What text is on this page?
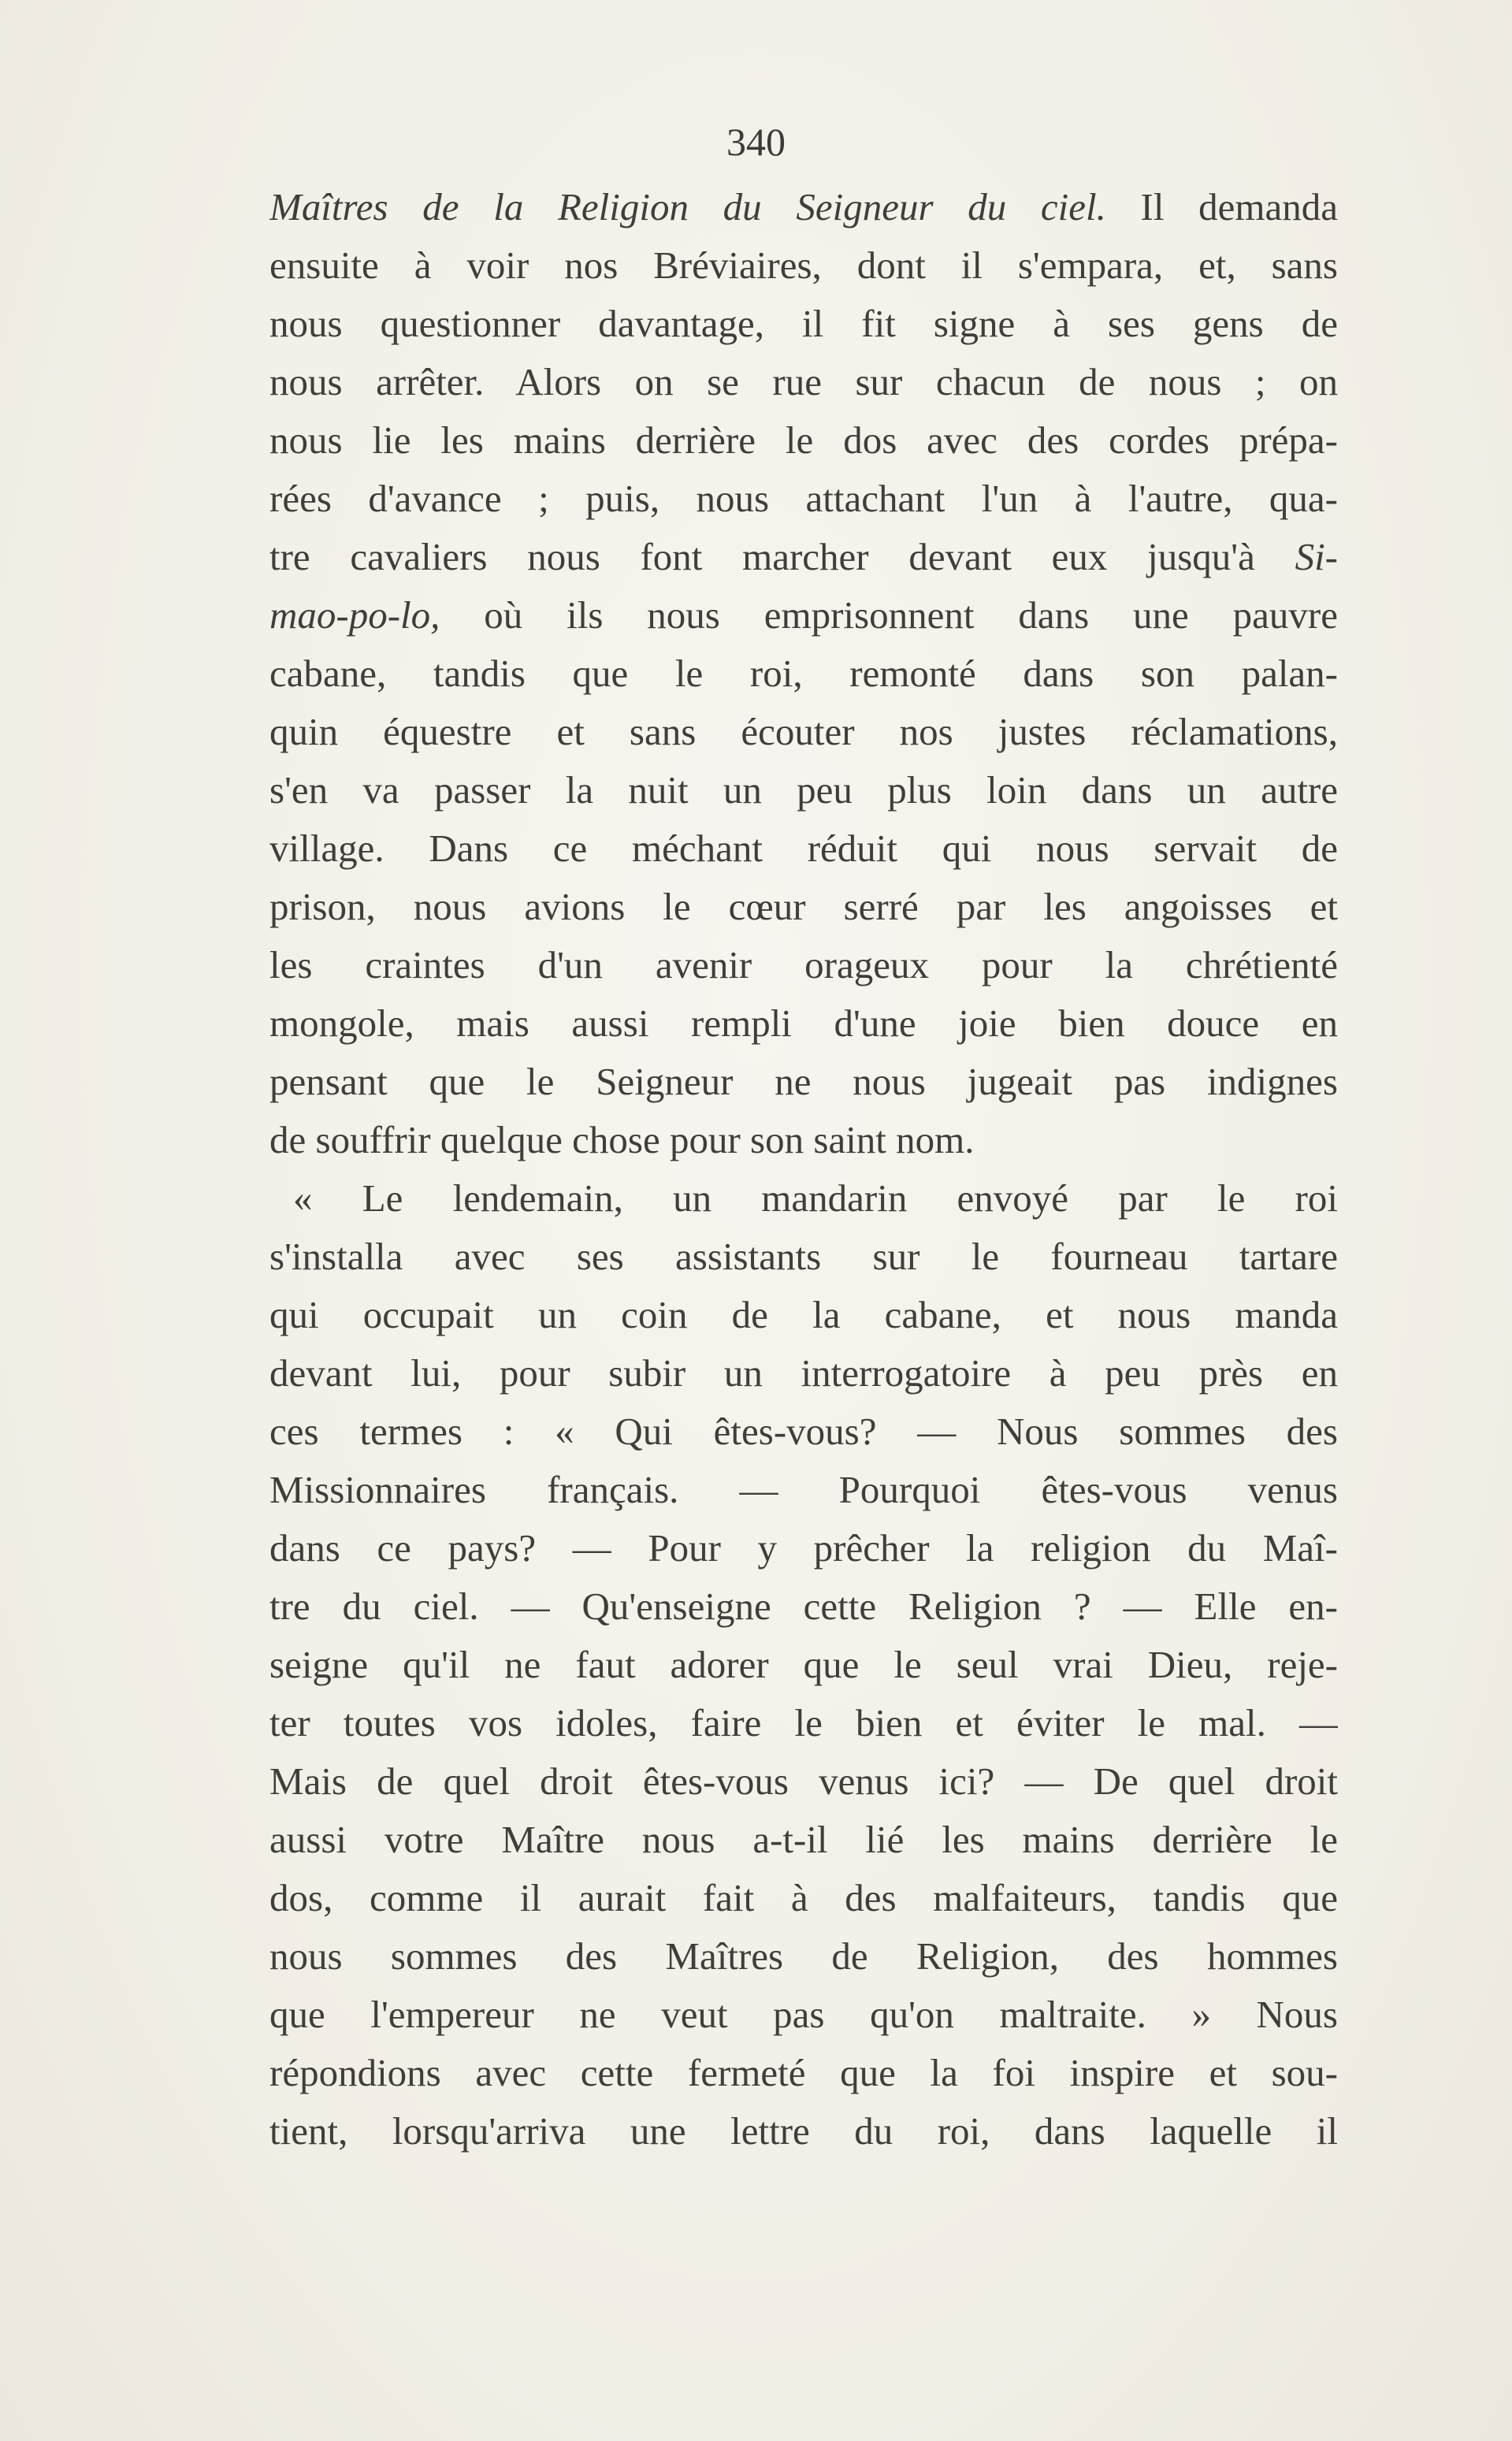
340
Maîtres de la Religion du Seigneur du ciel. Il demanda
ensuite à voir nos Bréviaires, dont il s'empara, et, sans
nous questionner davantage, il fit signe à ses gens de
nous arrêter. Alors on se rue sur chacun de nous ; on
nous lie les mains derrière le dos avec des cordes prépa-
rées d'avance ; puis, nous attachant l'un à l'autre, qua-
tre cavaliers nous font marcher devant eux jusqu'à Si-
mao-po-lo, où ils nous emprisonnent dans une pauvre
cabane, tandis que le roi, remonté dans son palan-
quin équestre et sans écouter nos justes réclamations,
s'en va passer la nuit un peu plus loin dans un autre
village. Dans ce méchant réduit qui nous servait de
prison, nous avions le cœur serré par les angoisses et
les craintes d'un avenir orageux pour la chrétienté
mongole, mais aussi rempli d'une joie bien douce en
pensant que le Seigneur ne nous jugeait pas indignes
de souffrir quelque chose pour son saint nom.
« Le lendemain, un mandarin envoyé par le roi
s'installa avec ses assistants sur le fourneau tartare
qui occupait un coin de la cabane, et nous manda
devant lui, pour subir un interrogatoire à peu près en
ces termes : « Qui êtes-vous? — Nous sommes des
Missionnaires français. — Pourquoi êtes-vous venus
dans ce pays? — Pour y prêcher la religion du Maî-
tre du ciel. — Qu'enseigne cette Religion ? — Elle en-
seigne qu'il ne faut adorer que le seul vrai Dieu, reje-
ter toutes vos idoles, faire le bien et éviter le mal. —
Mais de quel droit êtes-vous venus ici? — De quel droit
aussi votre Maître nous a-t-il lié les mains derrière le
dos, comme il aurait fait à des malfaiteurs, tandis que
nous sommes des Maîtres de Religion, des hommes
que l'empereur ne veut pas qu'on maltraite. » Nous
répondions avec cette fermeté que la foi inspire et sou-
tient, lorsqu'arriva une lettre du roi, dans laquelle il
